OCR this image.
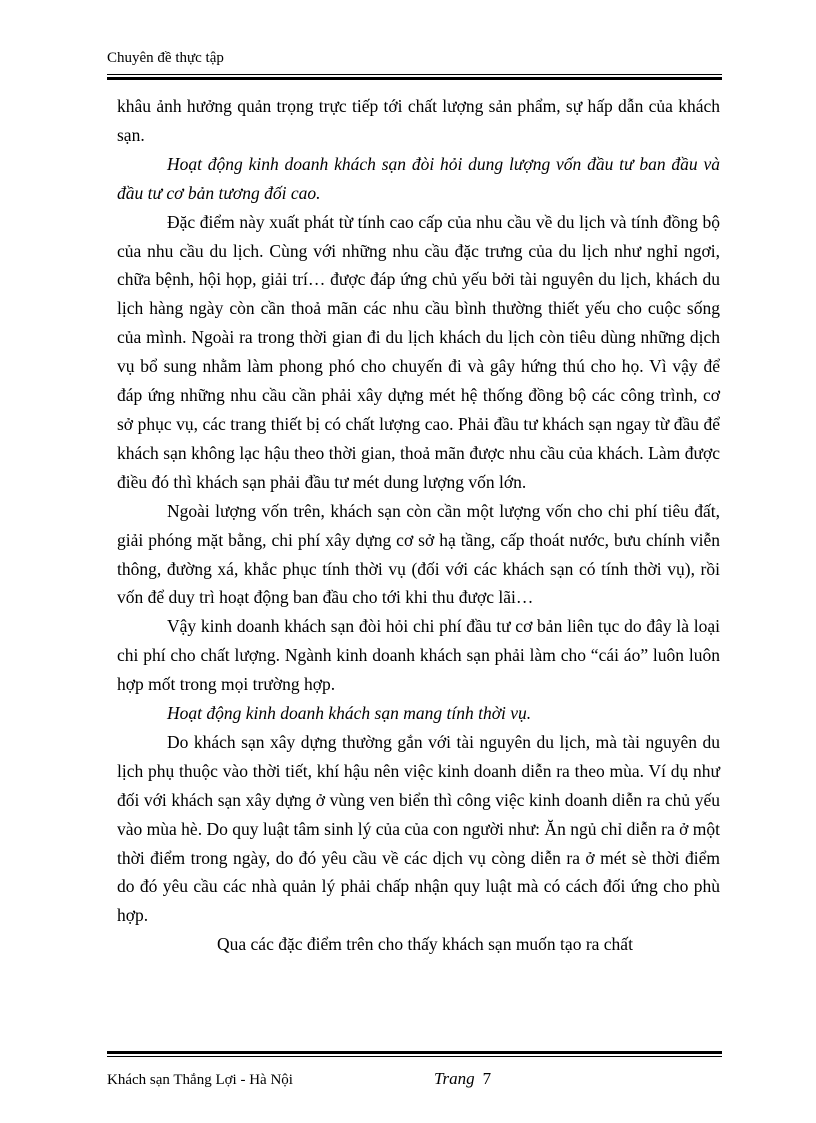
Chuyên đề thực tập

khâu ảnh hưởng quản trọng trực tiếp tới chất lượng sản phẩm, sự hấp dẫn của khách sạn.

Hoạt động kinh doanh khách sạn đòi hỏi dung lượng vốn đầu tư ban đầu và đầu tư cơ bản tương đối cao.

Đặc điểm này xuất phát từ tính cao cấp của nhu cầu về du lịch và tính đồng bộ của nhu cầu du lịch. Cùng với những nhu cầu đặc trưng của du lịch như nghỉ ngơi, chữa bệnh, hội họp, giải trí… được đáp ứng chủ yếu bởi tài nguyên du lịch, khách du lịch hàng ngày còn cần thoả mãn các nhu cầu bình thường thiết yếu cho cuộc sống của mình. Ngoài ra trong thời gian đi du lịch khách du lịch còn tiêu dùng những dịch vụ bổ sung nhằm làm phong phó cho chuyến đi và gây hứng thú cho họ. Vì vậy để đáp ứng những nhu cầu cần phải xây dựng mét hệ thống đồng bộ các công trình, cơ sở phục vụ, các trang thiết bị có chất lượng cao. Phải đầu tư khách sạn ngay từ đầu để khách sạn không lạc hậu theo thời gian, thoả mãn được nhu cầu của khách. Làm được điều đó thì khách sạn phải đầu tư mét dung lượng vốn lớn.

Ngoài lượng vốn trên, khách sạn còn cần một lượng vốn cho chi phí tiêu đất, giải phóng mặt bằng, chi phí xây dựng cơ sở hạ tầng, cấp thoát nước, bưu chính viễn thông, đường xá, khắc phục tính thời vụ (đối với các khách sạn có tính thời vụ), rồi vốn để duy trì hoạt động ban đầu cho tới khi thu được lãi…

Vậy kinh doanh khách sạn đòi hỏi chi phí đầu tư cơ bản liên tục do đây là loại chi phí cho chất lượng. Ngành kinh doanh khách sạn phải làm cho “cái áo” luôn luôn hợp mốt trong mọi trường hợp.

Hoạt động kinh doanh khách sạn mang tính thời vụ.

Do khách sạn xây dựng thường gắn với tài nguyên du lịch, mà tài nguyên du lịch phụ thuộc vào thời tiết, khí hậu nên việc kinh doanh diễn ra theo mùa. Ví dụ như đối với khách sạn xây dựng ở vùng ven biển thì công việc kinh doanh diễn ra chủ yếu vào mùa hè. Do quy luật tâm sinh lý của của con người như: Ăn ngủ chỉ diễn ra ở một thời điểm trong ngày, do đó yêu cầu về các dịch vụ còng diễn ra ở mét sè thời điểm do đó yêu cầu các nhà quản lý phải chấp nhận quy luật mà có cách đối ứng cho phù hợp.

Qua các đặc điểm trên cho thấy khách sạn muốn tạo ra chất

Khách sạn Thắng Lợi - Hà Nội	Trang 7
